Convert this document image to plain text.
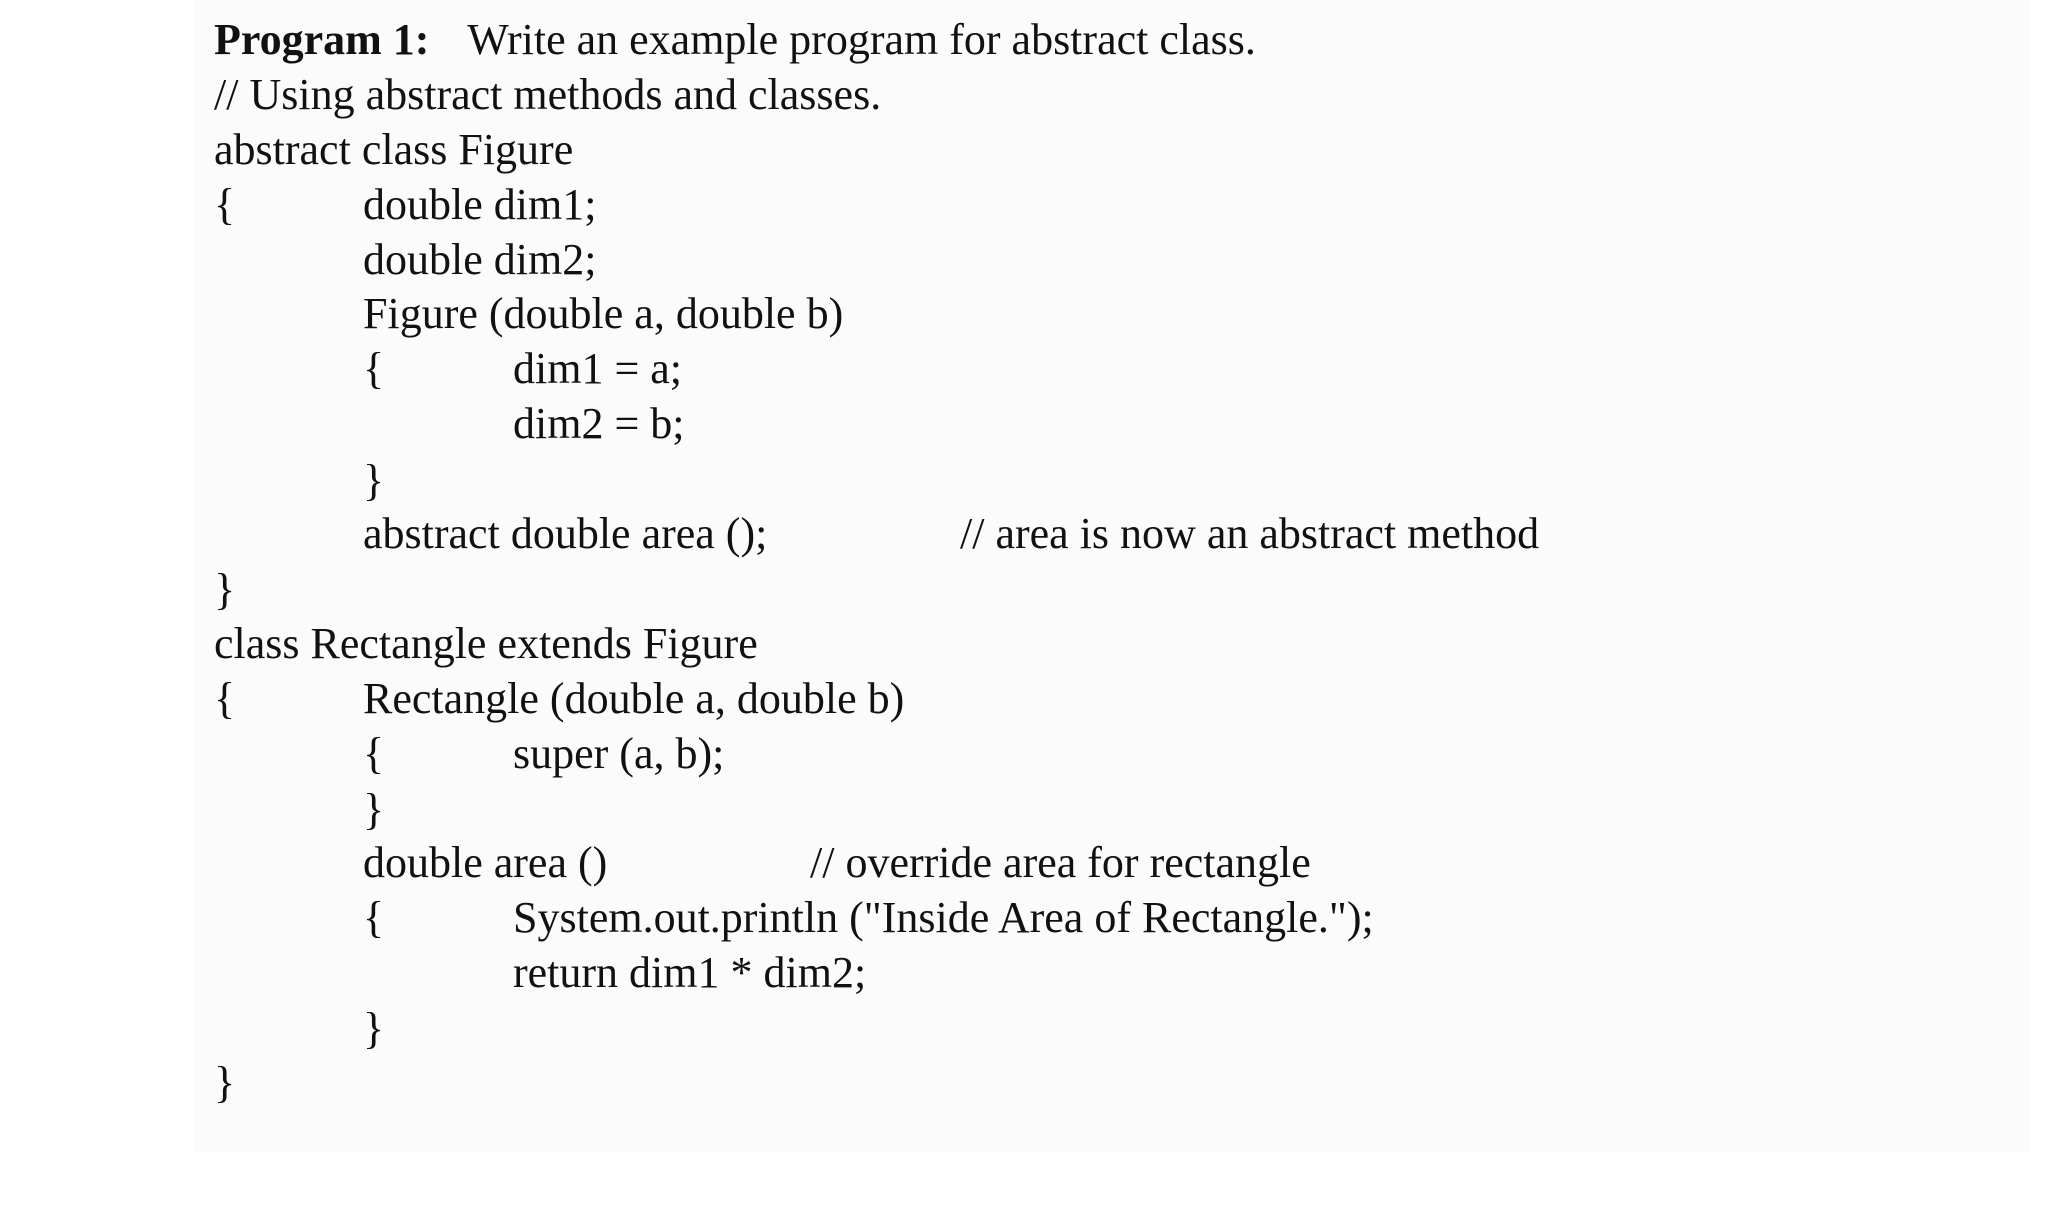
Program 1:

Write an example program for abstract class.

// Using abstract methods and classes.

abstract class Figure

{

	double dim1;

double dim2;

Figure (double a, double b)

{

	dim1 = a;

dim2 = b;

}

abstract double area ();

	// area is now an abstract method

}

class Rectangle extends Figure

{

	Rectangle (double a, double b)

{

	super (a, b);

}

double area ()

	// override area for rectangle

{

	System.out.println ("Inside Area of Rectangle.");

return dim1 * dim2;

}

}
